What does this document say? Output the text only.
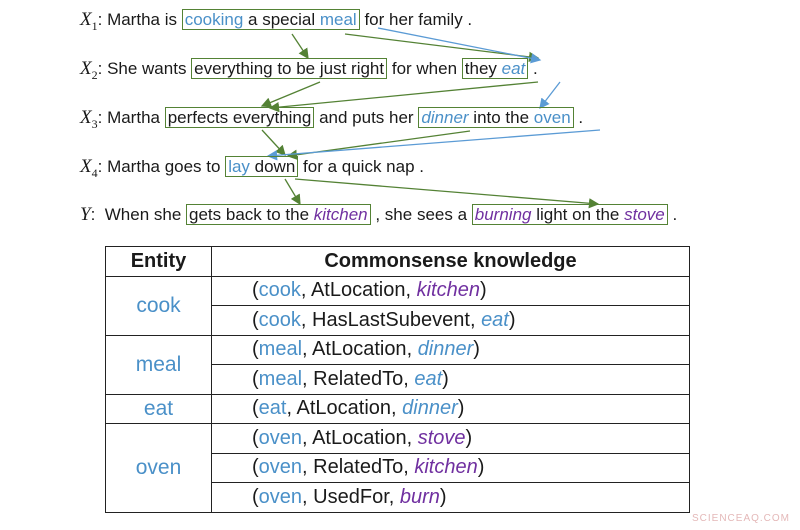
$X_1$: Martha is cooking a special meal for her family .
$X_2$: She wants everything to be just right for when they eat .
$X_3$: Martha perfects everything and puts her dinner into the oven .
$X_4$: Martha goes to lay down for a quick nap .
Y:  When she gets back to the kitchen , she sees a burning light on the stove .
Entity	Commonsense knowledge
cook	(cook, AtLocation, kitchen)
	(cook, HasLastSubevent, eat)
meal	(meal, AtLocation, dinner)
	(meal, RelatedTo, eat)
eat	(eat, AtLocation, dinner)
oven	(oven, AtLocation, stove)
	(oven, RelatedTo, kitchen)
	(oven, UsedFor, burn)
SCIENCEAQ.COM
